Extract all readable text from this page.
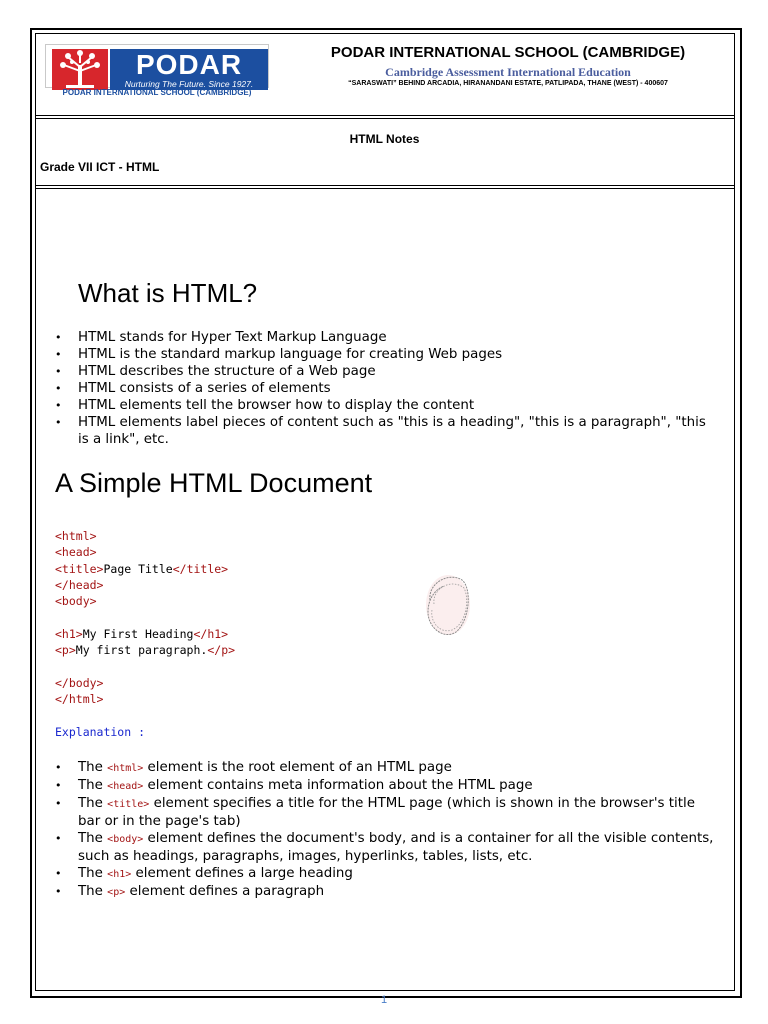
PODAR
Nurturing The Future. Since 1927.
PODAR INTERNATIONAL SCHOOL (CAMBRIDGE)
PODAR INTERNATIONAL SCHOOL (CAMBRIDGE)
Cambridge Assessment International Education
“SARASWATI” BEHIND ARCADIA, HIRANANDANI ESTATE, PATLIPADA, THANE (WEST) - 400607
HTML Notes
Grade VII ICT - HTML
What is HTML?
• HTML stands for Hyper Text Markup Language
• HTML is the standard markup language for creating Web pages
• HTML describes the structure of a Web page
• HTML consists of a series of elements
• HTML elements tell the browser how to display the content
• HTML elements label pieces of content such as "this is a heading", "this is a paragraph", "this is a link", etc.
A Simple HTML Document
<html>
<head>
<title>Page Title</title>
</head>
<body>
<h1>My First Heading</h1>
<p>My first paragraph.</p>
</body>
</html>
Explanation :
• The <html> element is the root element of an HTML page
• The <head> element contains meta information about the HTML page
• The <title> element specifies a title for the HTML page (which is shown in the browser's title bar or in the page's tab)
• The <body> element defines the document's body, and is a container for all the visible contents, such as headings, paragraphs, images, hyperlinks, tables, lists, etc.
• The <h1> element defines a large heading
• The <p> element defines a paragraph
1
